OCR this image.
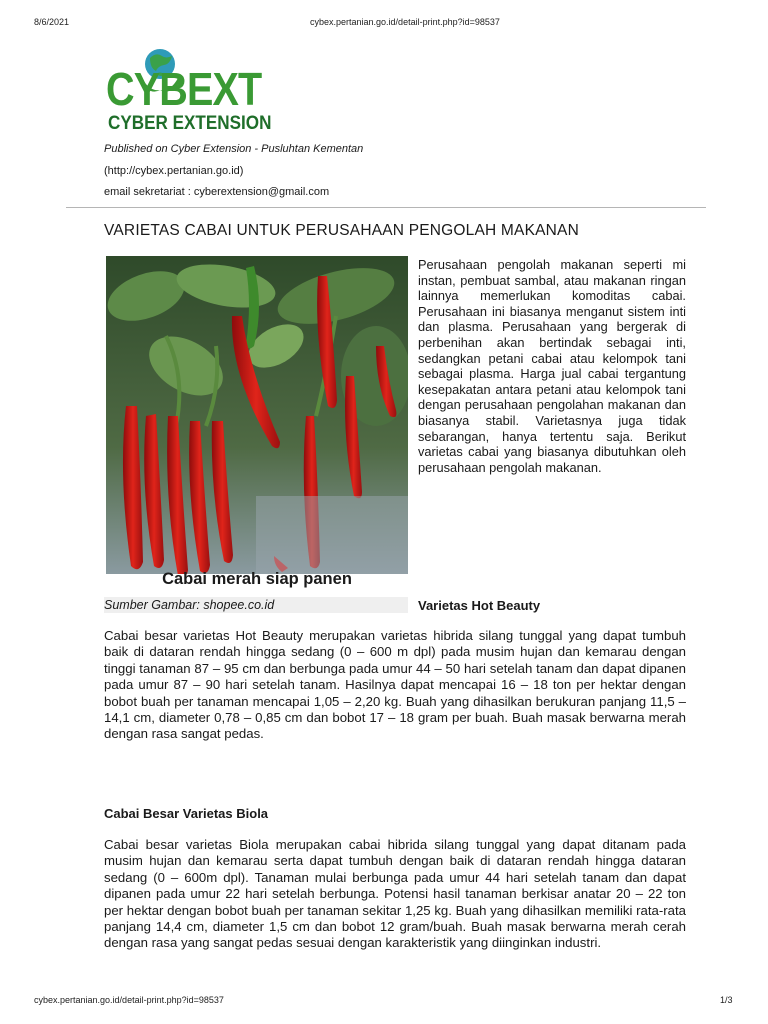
8/6/2021	cybex.pertanian.go.id/detail-print.php?id=98537
CYBEXT
CYBER EXTENSION
Published on Cyber Extension - Pusluhtan Kementan
(http://cybex.pertanian.go.id)
email sekretariat : cyberextension@gmail.com
VARIETAS CABAI UNTUK PERUSAHAAN PENGOLAH MAKANAN
Cabai merah siap panen
Sumber Gambar: shopee.co.id
Perusahaan pengolah makanan seperti mi instan, pembuat sambal, atau makanan ringan lainnya memerlukan komoditas cabai. Perusahaan ini biasanya menganut sistem inti dan plasma. Perusahaan yang bergerak di perbenihan akan bertindak sebagai inti, sedangkan petani cabai atau kelompok tani sebagai plasma. Harga jual cabai tergantung kesepakatan antara petani atau kelompok tani dengan perusahaan pengolahan makanan dan biasanya stabil. Varietasnya juga tidak sebarangan, hanya tertentu saja. Berikut varietas cabai yang biasanya dibutuhkan oleh perusahaan pengolah makanan.
Varietas Hot Beauty
Cabai besar varietas Hot Beauty merupakan varietas hibrida silang tunggal yang dapat tumbuh baik di dataran rendah hingga sedang (0 – 600 m dpl) pada musim hujan dan kemarau dengan tinggi tanaman 87 – 95 cm dan berbunga pada umur 44 – 50 hari setelah tanam dan dapat dipanen pada umur 87 – 90 hari setelah tanam. Hasilnya dapat mencapai 16 – 18 ton per hektar dengan bobot buah per tanaman mencapai 1,05 – 2,20 kg. Buah yang dihasilkan berukuran panjang 11,5 – 14,1 cm, diameter 0,78 – 0,85 cm dan bobot 17 – 18 gram per buah. Buah masak berwarna merah dengan rasa sangat pedas.
Cabai Besar Varietas Biola
Cabai besar varietas Biola merupakan cabai hibrida silang tunggal yang dapat ditanam pada musim hujan dan kemarau serta dapat tumbuh dengan baik di dataran rendah hingga dataran sedang (0 – 600m dpl). Tanaman mulai berbunga pada umur 44 hari setelah tanam dan dapat dipanen pada umur 22 hari setelah berbunga. Potensi hasil tanaman berkisar anatar 20 – 22 ton per hektar dengan bobot buah per tanaman sekitar 1,25 kg. Buah yang dihasilkan memiliki rata-rata panjang 14,4 cm, diameter 1,5 cm dan bobot 12 gram/buah. Buah masak berwarna merah cerah dengan rasa yang sangat pedas sesuai dengan karakteristik yang diinginkan industri.
cybex.pertanian.go.id/detail-print.php?id=98537	1/3
